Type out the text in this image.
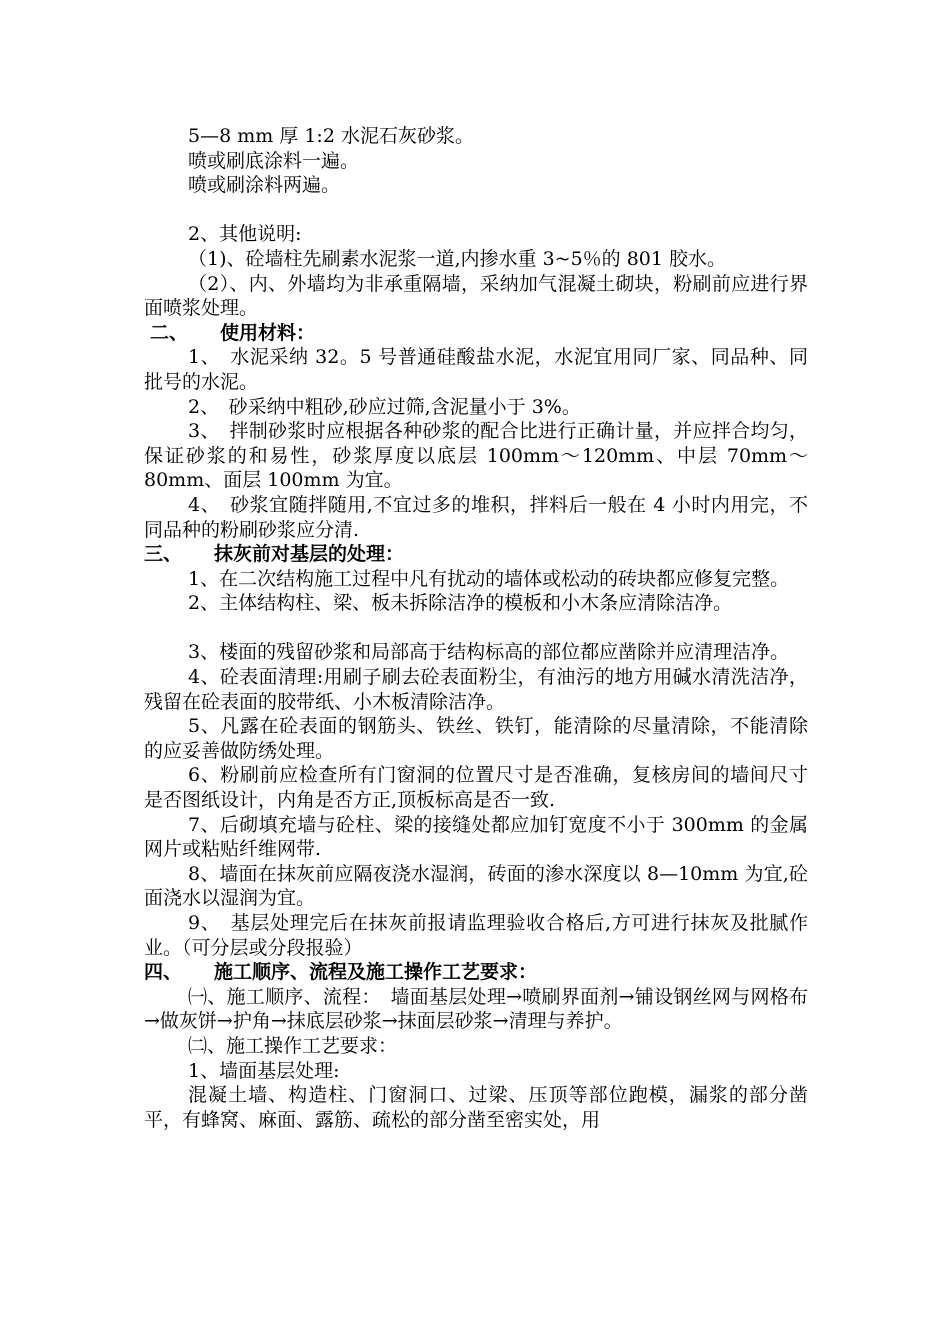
5—8 mm 厚 1:2 水泥石灰砂浆。

喷或刷底涂料一遍。

喷或刷涂料两遍。

2、其他说明:

（1)、砼墙柱先刷素水泥浆一道,内掺水重 3~5％的 801 胶水。

（2）、内、外墙均为非承重隔墙，采纳加气混凝土砌块，粉刷前应进行界面喷浆处理。

二、 使用材料：

1、　水泥采纳 32。5 号普通硅酸盐水泥，水泥宜用同厂家、同品种、同批号的水泥。

2、　砂采纳中粗砂,砂应过筛,含泥量小于 3%。

3、　拌制砂浆时应根据各种砂浆的配合比进行正确计量，并应拌合均匀，保证砂浆的和易性，砂浆厚度以底层 100mm～120mm、中层 70mm～80mm、面层 100mm 为宜。

4、　砂浆宜随拌随用,不宜过多的堆积，拌料后一般在 4 小时内用完，不同品种的粉刷砂浆应分清.

三、 抹灰前对基层的处理：

1、在二次结构施工过程中凡有扰动的墙体或松动的砖块都应修复完整。

2、主体结构柱、梁、板未拆除洁净的模板和小木条应清除洁净。

3、楼面的残留砂浆和局部高于结构标高的部位都应凿除并应清理洁净。

4、砼表面清理:用刷子刷去砼表面粉尘，有油污的地方用碱水清洗洁净，残留在砼表面的胶带纸、小木板清除洁净。

5、凡露在砼表面的钢筋头、铁丝、铁钉，能清除的尽量清除，不能清除的应妥善做防绣处理。

6、粉刷前应检查所有门窗洞的位置尺寸是否准确，复核房间的墙间尺寸是否图纸设计，内角是否方正,顶板标高是否一致.

7、后砌填充墙与砼柱、梁的接缝处都应加钉宽度不小于 300mm 的金属网片或粘贴纤维网带.

8、墙面在抹灰前应隔夜浇水湿润，砖面的渗水深度以 8—10mm 为宜,砼面浇水以湿润为宜。

9、　基层处理完后在抹灰前报请监理验收合格后,方可进行抹灰及批腻作业。（可分层或分段报验）

四、 施工顺序、流程及施工操作工艺要求：

㈠、施工顺序、流程：　墙面基层处理→喷刷界面剂→铺设钢丝网与网格布→做灰饼→护角→抹底层砂浆→抹面层砂浆→清理与养护。

㈡、施工操作工艺要求：

1、墙面基层处理:

混凝土墙、构造柱、门窗洞口、过梁、压顶等部位跑模，漏浆的部分凿平，有蜂窝、麻面、露筋、疏松的部分凿至密实处，用
